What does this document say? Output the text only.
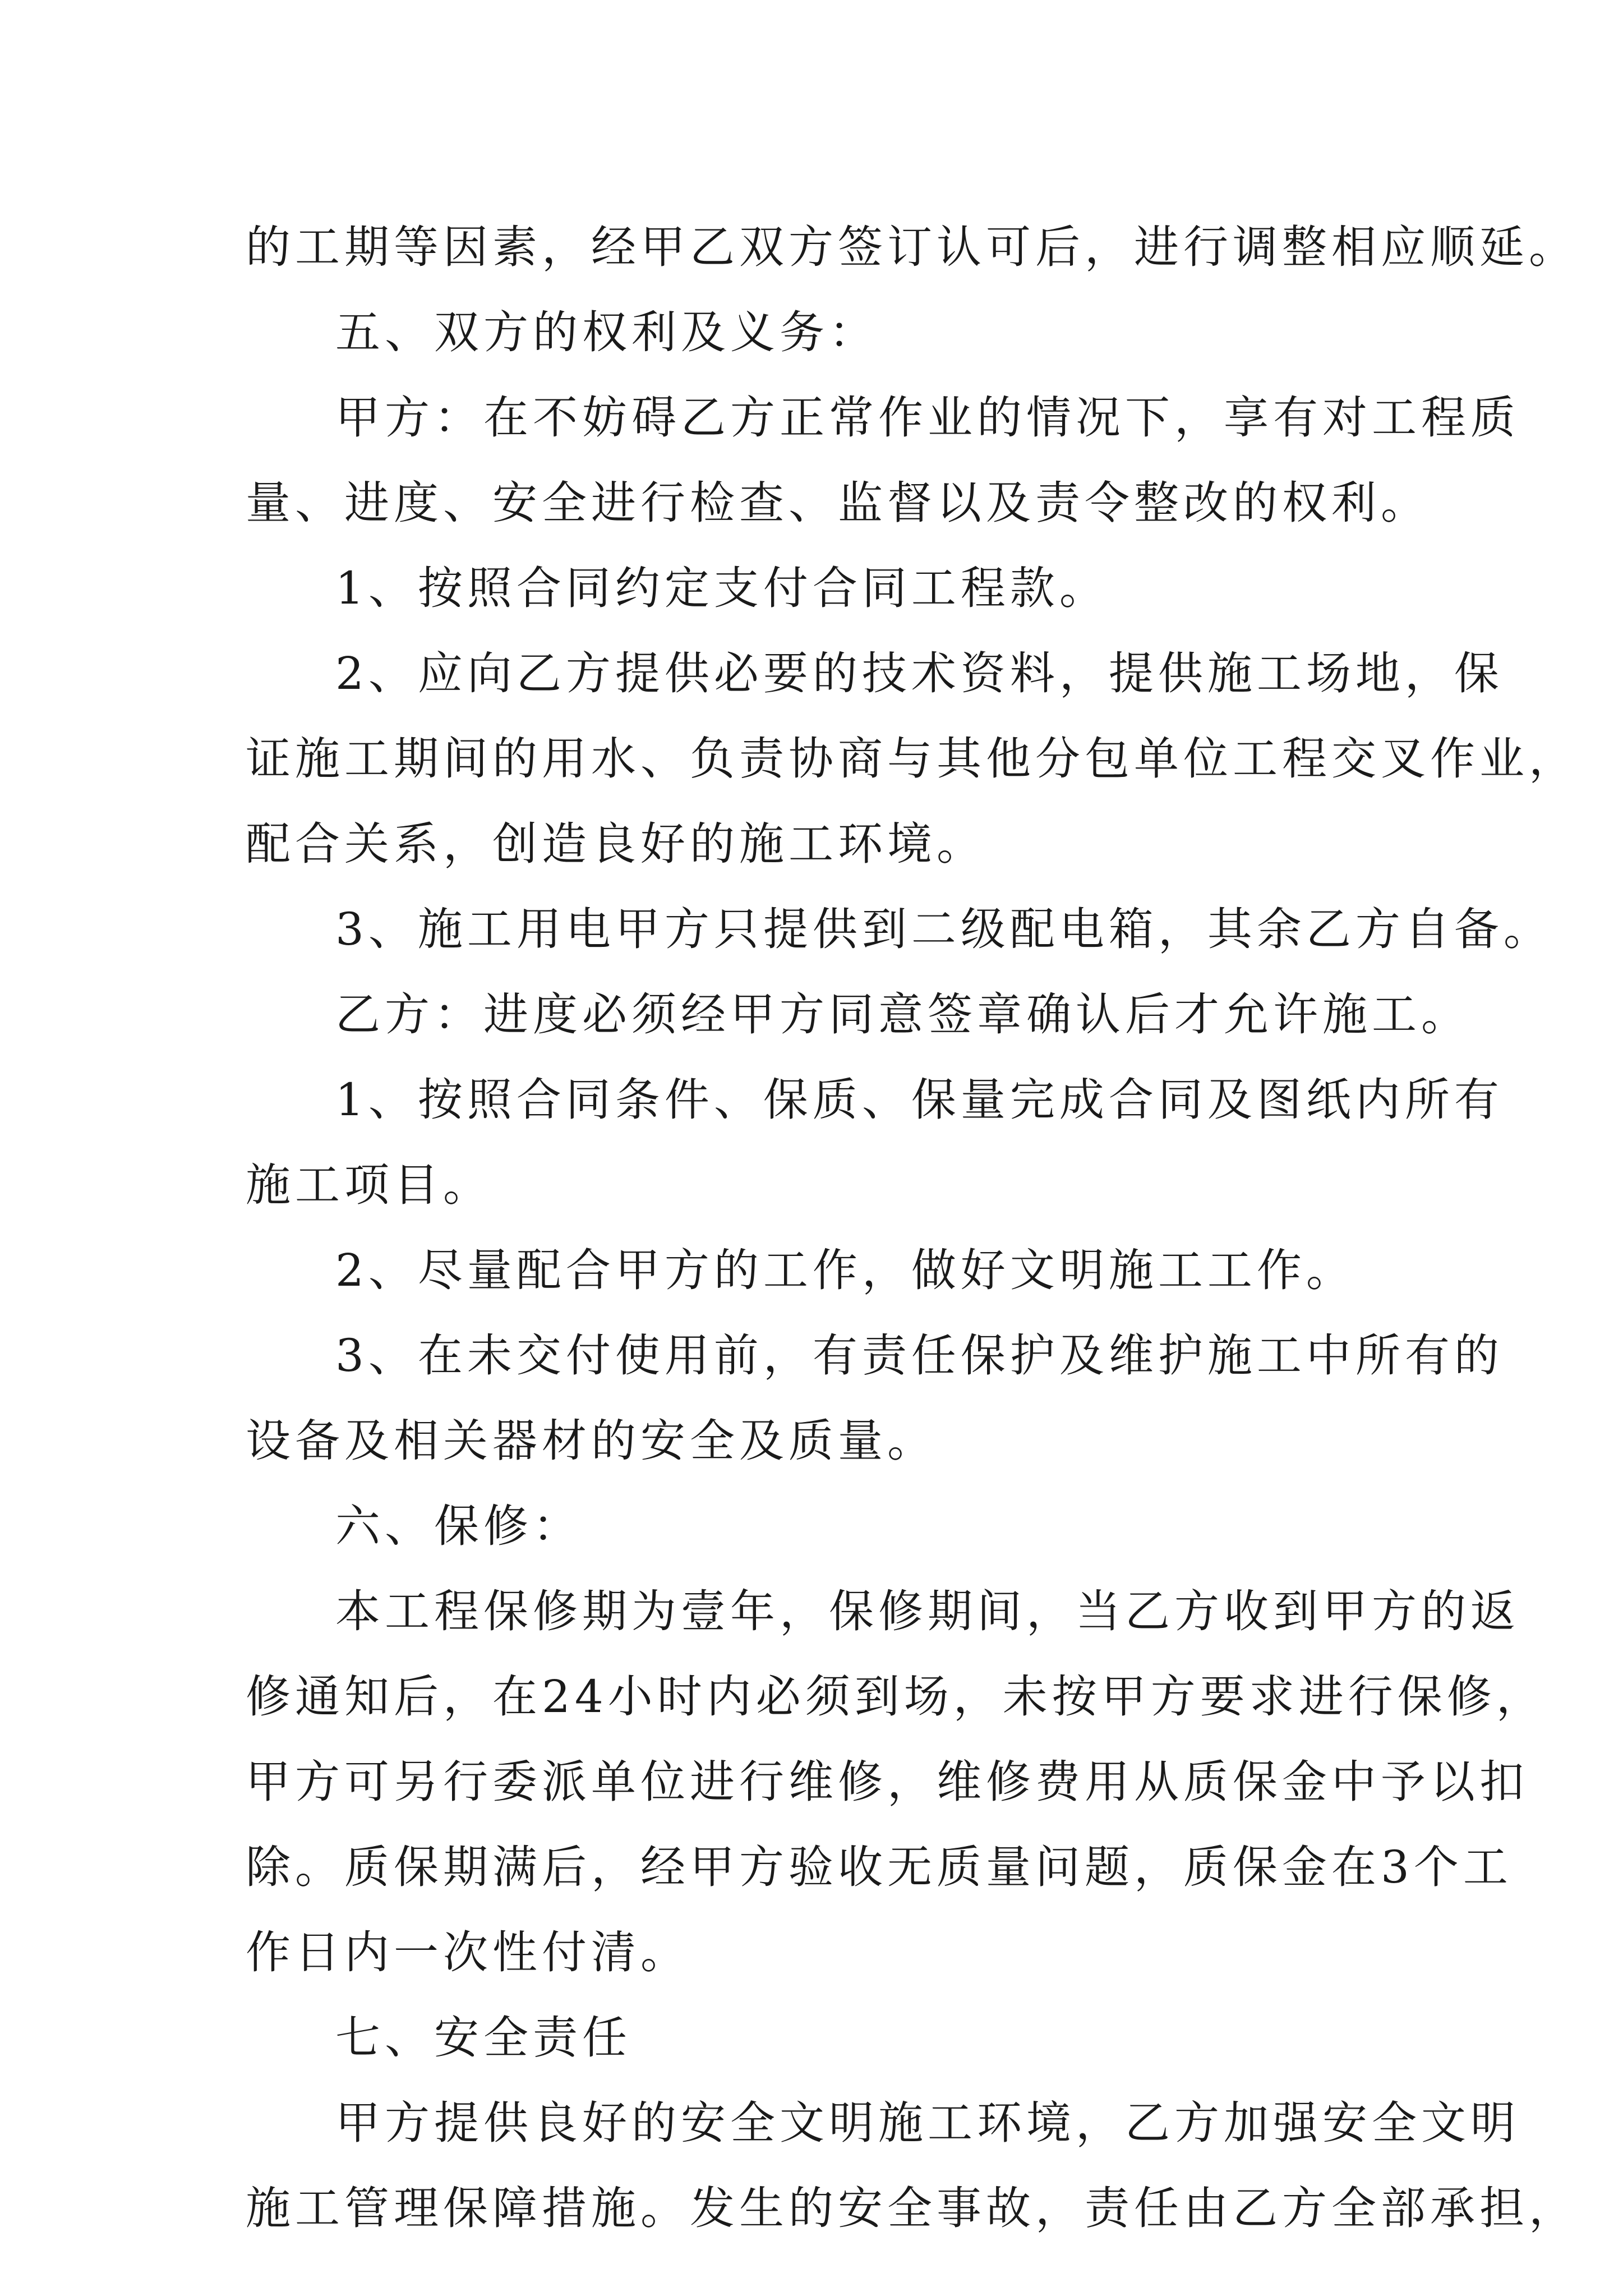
的工期等因素，经甲乙双方签订认可后，进行调整相应顺延。
五、双方的权利及义务：
甲方：在不妨碍乙方正常作业的情况下，享有对工程质
量、进度、安全进行检查、监督以及责令整改的权利。
1、按照合同约定支付合同工程款。
2、应向乙方提供必要的技术资料，提供施工场地，保
证施工期间的用水、负责协商与其他分包单位工程交叉作业，
配合关系，创造良好的施工环境。
3、施工用电甲方只提供到二级配电箱，其余乙方自备。
乙方：进度必须经甲方同意签章确认后才允许施工。
1、按照合同条件、保质、保量完成合同及图纸内所有
施工项目。
2、尽量配合甲方的工作，做好文明施工工作。
3、在未交付使用前，有责任保护及维护施工中所有的
设备及相关器材的安全及质量。
六、保修：
本工程保修期为壹年，保修期间，当乙方收到甲方的返
修通知后，在24小时内必须到场，未按甲方要求进行保修，
甲方可另行委派单位进行维修，维修费用从质保金中予以扣
除。质保期满后，经甲方验收无质量问题，质保金在3个工
作日内一次性付清。
七、安全责任
甲方提供良好的安全文明施工环境，乙方加强安全文明
施工管理保障措施。发生的安全事故，责任由乙方全部承担，
